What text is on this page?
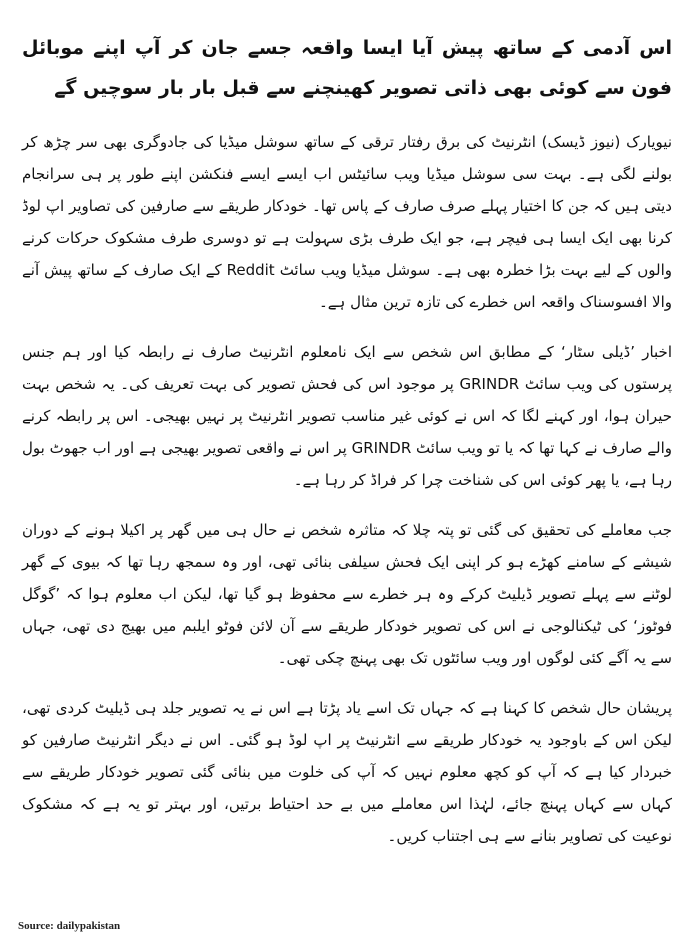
اس آدمی کے ساتھ پیش آیا ایسا واقعہ جسے جان کر آپ اپنے موبائل فون سے کوئی بھی ذاتی تصویر کھینچنے سے قبل بار بار سوچیں گے

نیویارک (نیوز ڈیسک) انٹرنیٹ کی برق رفتار ترقی کے ساتھ سوشل میڈیا کی جادوگری بھی سر چڑھ کر بولنے لگی ہے۔ بہت سی سوشل میڈیا ویب سائیٹس اب ایسے ایسے فنکشن اپنے طور پر ہی سرانجام دیتی ہیں کہ جن کا اختیار پہلے صرف صارف کے پاس تھا۔ خودکار طریقے سے صارفین کی تصاویر اپ لوڈ کرنا بھی ایک ایسا ہی فیچر ہے، جو ایک طرف بڑی سہولت ہے تو دوسری طرف مشکوک حرکات کرنے والوں کے لیے بہت بڑا خطرہ بھی ہے۔ سوشل میڈیا ویب سائٹ Reddit کے ایک صارف کے ساتھ پیش آنے والا افسوسناک واقعہ اس خطرے کی تازہ ترین مثال ہے۔

اخبار ’ڈیلی سٹار‘ کے مطابق اس شخص سے ایک نامعلوم انٹرنیٹ صارف نے رابطہ کیا اور ہم جنس پرستوں کی ویب سائٹ GRINDR پر موجود اس کی فحش تصویر کی بہت تعریف کی۔ یہ شخص بہت حیران ہوا، اور کہنے لگا کہ اس نے کوئی غیر مناسب تصویر انٹرنیٹ پر نہیں بھیجی۔ اس پر رابطہ کرنے والے صارف نے کہا تھا کہ یا تو ویب سائٹ GRINDR پر اس نے واقعی تصویر بھیجی ہے اور اب جھوٹ بول رہا ہے، یا پھر کوئی اس کی شناخت چرا کر فراڈ کر رہا ہے۔

جب معاملے کی تحقیق کی گئی تو پتہ چلا کہ متاثرہ شخص نے حال ہی میں گھر پر اکیلا ہونے کے دوران شیشے کے سامنے کھڑے ہو کر اپنی ایک فحش سیلفی بنائی تھی، اور وہ سمجھ رہا تھا کہ بیوی کے گھر لوٹنے سے پہلے تصویر ڈیلیٹ کرکے وہ ہر خطرے سے محفوظ ہو گیا تھا، لیکن اب معلوم ہوا کہ ’گوگل فوٹوز‘ کی ٹیکنالوجی نے اس کی تصویر خودکار طریقے سے آن لائن فوٹو ایلبم میں بھیج دی تھی، جہاں سے یہ آگے کئی لوگوں اور ویب سائٹوں تک بھی پہنچ چکی تھی۔

پریشان حال شخص کا کہنا ہے کہ جہاں تک اسے یاد پڑتا ہے اس نے یہ تصویر جلد ہی ڈیلیٹ کردی تھی، لیکن اس کے باوجود یہ خودکار طریقے سے انٹرنیٹ پر اپ لوڈ ہو گئی۔ اس نے دیگر انٹرنیٹ صارفین کو خبردار کیا ہے کہ آپ کو کچھ معلوم نہیں کہ آپ کی خلوت میں بنائی گئی تصویر خودکار طریقے سے کہاں سے کہاں پہنچ جائے، لہٰذا اس معاملے میں بے حد احتیاط برتیں، اور بہتر تو یہ ہے کہ مشکوک نوعیت کی تصاویر بنانے سے ہی اجتناب کریں۔

Source: dailypakistan
